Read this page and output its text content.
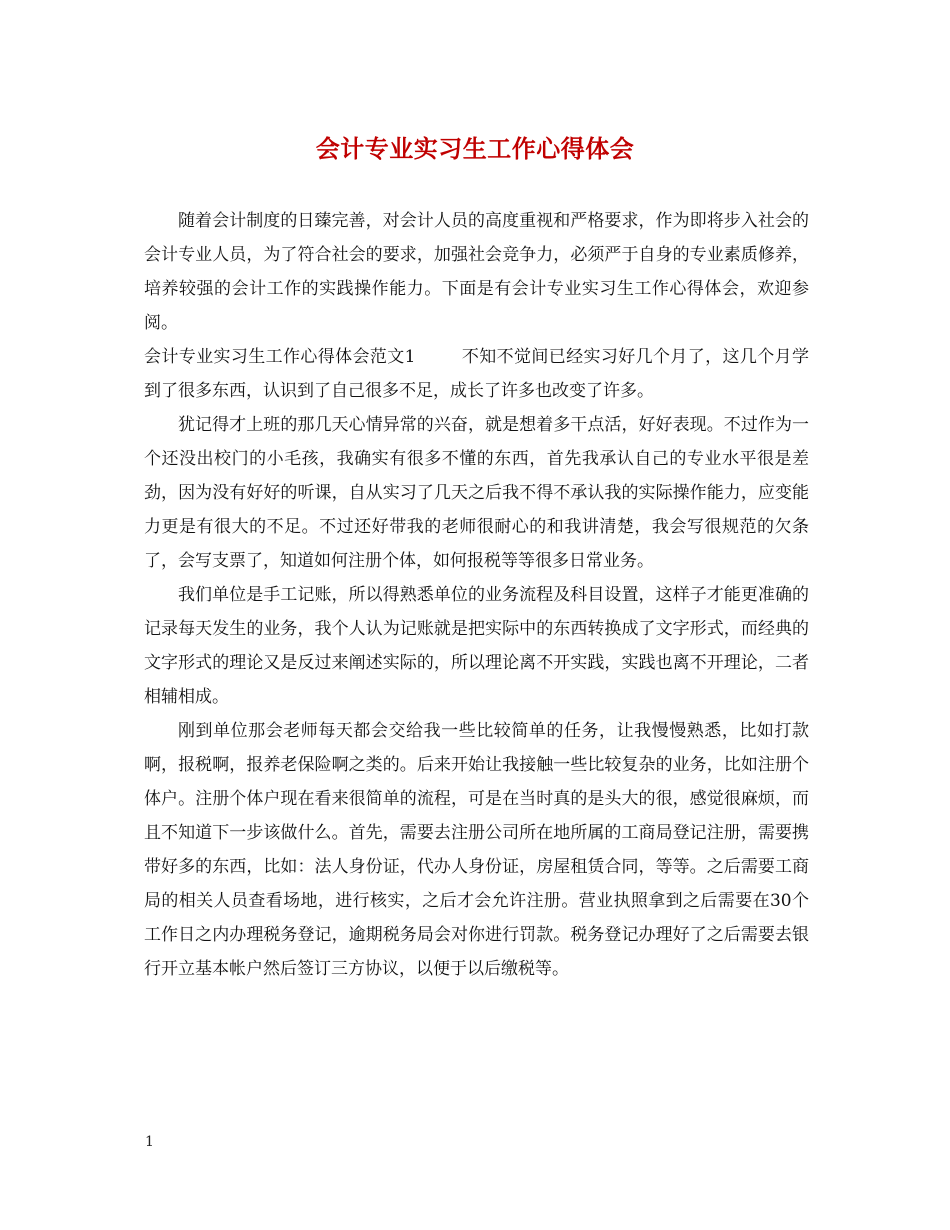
会计专业实习生工作心得体会

随着会计制度的日臻完善，对会计人员的高度重视和严格要求，作为即将步入社会的会计专业人员，为了符合社会的要求，加强社会竞争力，必须严于自身的专业素质修养，培养较强的会计工作的实践操作能力。下面是有会计专业实习生工作心得体会，欢迎参阅。

会计专业实习生工作心得体会范文1	不知不觉间已经实习好几个月了，这几个月学到了很多东西，认识到了自己很多不足，成长了许多也改变了许多。

犹记得才上班的那几天心情异常的兴奋，就是想着多干点活，好好表现。不过作为一个还没出校门的小毛孩，我确实有很多不懂的东西，首先我承认自己的专业水平很是差劲，因为没有好好的听课，自从实习了几天之后我不得不承认我的实际操作能力，应变能力更是有很大的不足。不过还好带我的老师很耐心的和我讲清楚，我会写很规范的欠条了，会写支票了，知道如何注册个体，如何报税等等很多日常业务。

我们单位是手工记账，所以得熟悉单位的业务流程及科目设置，这样子才能更准确的记录每天发生的业务，我个人认为记账就是把实际中的东西转换成了文字形式，而经典的文字形式的理论又是反过来阐述实际的，所以理论离不开实践，实践也离不开理论，二者相辅相成。

刚到单位那会老师每天都会交给我一些比较简单的任务，让我慢慢熟悉，比如打款啊，报税啊，报养老保险啊之类的。后来开始让我接触一些比较复杂的业务，比如注册个体户。注册个体户现在看来很简单的流程，可是在当时真的是头大的很，感觉很麻烦，而且不知道下一步该做什么。首先，需要去注册公司所在地所属的工商局登记注册，需要携带好多的东西，比如：法人身份证，代办人身份证，房屋租赁合同，等等。之后需要工商局的相关人员查看场地，进行核实，之后才会允许注册。营业执照拿到之后需要在30个工作日之内办理税务登记，逾期税务局会对你进行罚款。税务登记办理好了之后需要去银行开立基本帐户然后签订三方协议，以便于以后缴税等。

1
